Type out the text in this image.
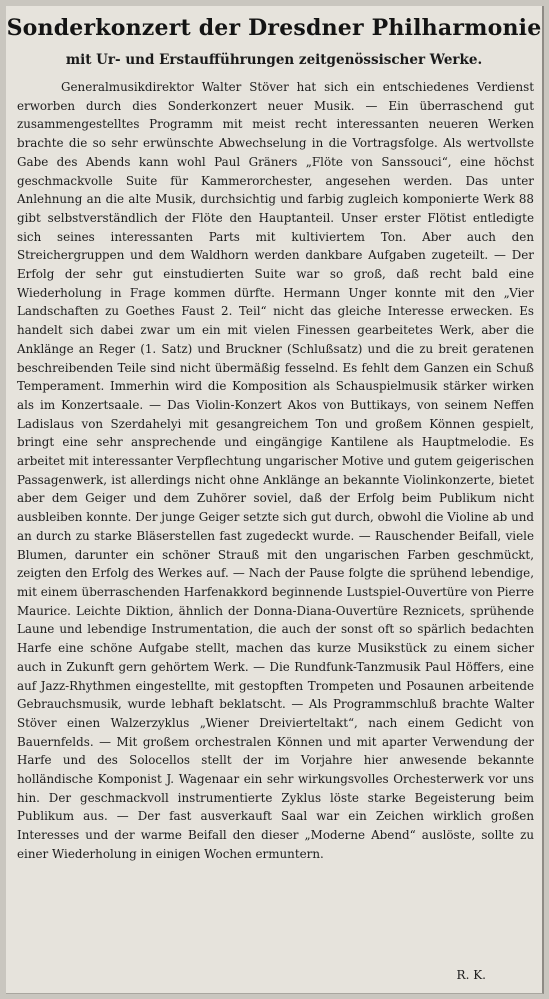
Sonderkonzert der Dresdner Philharmonie
mit Ur- und Erstaufführungen zeitgenössischer Werke.

Generalmusikdirektor Walter Stöver hat sich ein entschiedenes Verdienst erworben durch dies Sonderkonzert neuer Musik. — Ein überraschend gut zusammengestelltes Programm mit meist recht interessanten neueren Werken brachte die so sehr erwünschte Abwechselung in die Vortragsfolge. Als wertvollste Gabe des Abends kann wohl Paul Gräners „Flöte von Sanssouci“, eine höchst geschmackvolle Suite für Kammerorchester, angesehen werden. Das unter Anlehnung an die alte Musik, durchsichtig und farbig zugleich komponierte Werk 88 gibt selbstverständlich der Flöte den Hauptanteil. Unser erster Flötist entledigte sich seines interessanten Parts mit kultiviertem Ton. Aber auch den Streichergruppen und dem Waldhorn werden dankbare Aufgaben zugeteilt. — Der Erfolg der sehr gut einstudierten Suite war so groß, daß recht bald eine Wiederholung in Frage kommen dürfte. Hermann Unger konnte mit den „Vier Landschaften zu Goethes Faust 2. Teil“ nicht das gleiche Interesse erwecken. Es handelt sich dabei zwar um ein mit vielen Finessen gearbeitetes Werk, aber die Anklänge an Reger (1. Satz) und Bruckner (Schlußsatz) und die zu breit geratenen beschreibenden Teile sind nicht übermäßig fesselnd. Es fehlt dem Ganzen ein Schuß Temperament. Immerhin wird die Komposition als Schauspielmusik stärker wirken als im Konzertsaale. — Das Violin-Konzert Akos von Buttikays, von seinem Neffen Ladislaus von Szerdahelyi mit gesangreichem Ton und großem Können gespielt, bringt eine sehr ansprechende und eingängige Kantilene als Hauptmelodie. Es arbeitet mit interessanter Verpflechtung ungarischer Motive und gutem geigerischen Passagenwerk, ist allerdings nicht ohne Anklänge an bekannte Violinkonzerte, bietet aber dem Geiger und dem Zuhörer soviel, daß der Erfolg beim Publikum nicht ausbleiben konnte. Der junge Geiger setzte sich gut durch, obwohl die Violine ab und an durch zu starke Bläserstellen fast zugedeckt wurde. — Rauschender Beifall, viele Blumen, darunter ein schöner Strauß mit den ungarischen Farben geschmückt, zeigten den Erfolg des Werkes auf. — Nach der Pause folgte die sprühend lebendige, mit einem überraschenden Harfenakkord beginnende Lustspiel-Ouvertüre von Pierre Maurice. Leichte Diktion, ähnlich der Donna-Diana-Ouvertüre Reznicets, sprühende Laune und lebendige Instrumentation, die auch der sonst oft so spärlich bedachten Harfe eine schöne Aufgabe stellt, machen das kurze Musikstück zu einem sicher auch in Zukunft gern gehörtem Werk. — Die Rundfunk-Tanzmusik Paul Höffers, eine auf Jazz-Rhythmen eingestellte, mit gestopften Trompeten und Posaunen arbeitende Gebrauchsmusik, wurde lebhaft beklatscht. — Als Programmschluß brachte Walter Stöver einen Walzerzyklus „Wiener Dreivierteltakt“, nach einem Gedicht von Bauernfelds. — Mit großem orchestralen Können und mit aparter Verwendung der Harfe und des Solocellos stellt der im Vorjahre hier anwesende bekannte holländische Komponist J. Wagenaar ein sehr wirkungsvolles Orchesterwerk vor uns hin. Der geschmackvoll instrumentierte Zyklus löste starke Begeisterung beim Publikum aus. — Der fast ausverkauft Saal war ein Zeichen wirklich großen Interesses und der warme Beifall den dieser „Moderne Abend“ auslöste, sollte zu einer Wiederholung in einigen Wochen ermuntern.

R. K.
